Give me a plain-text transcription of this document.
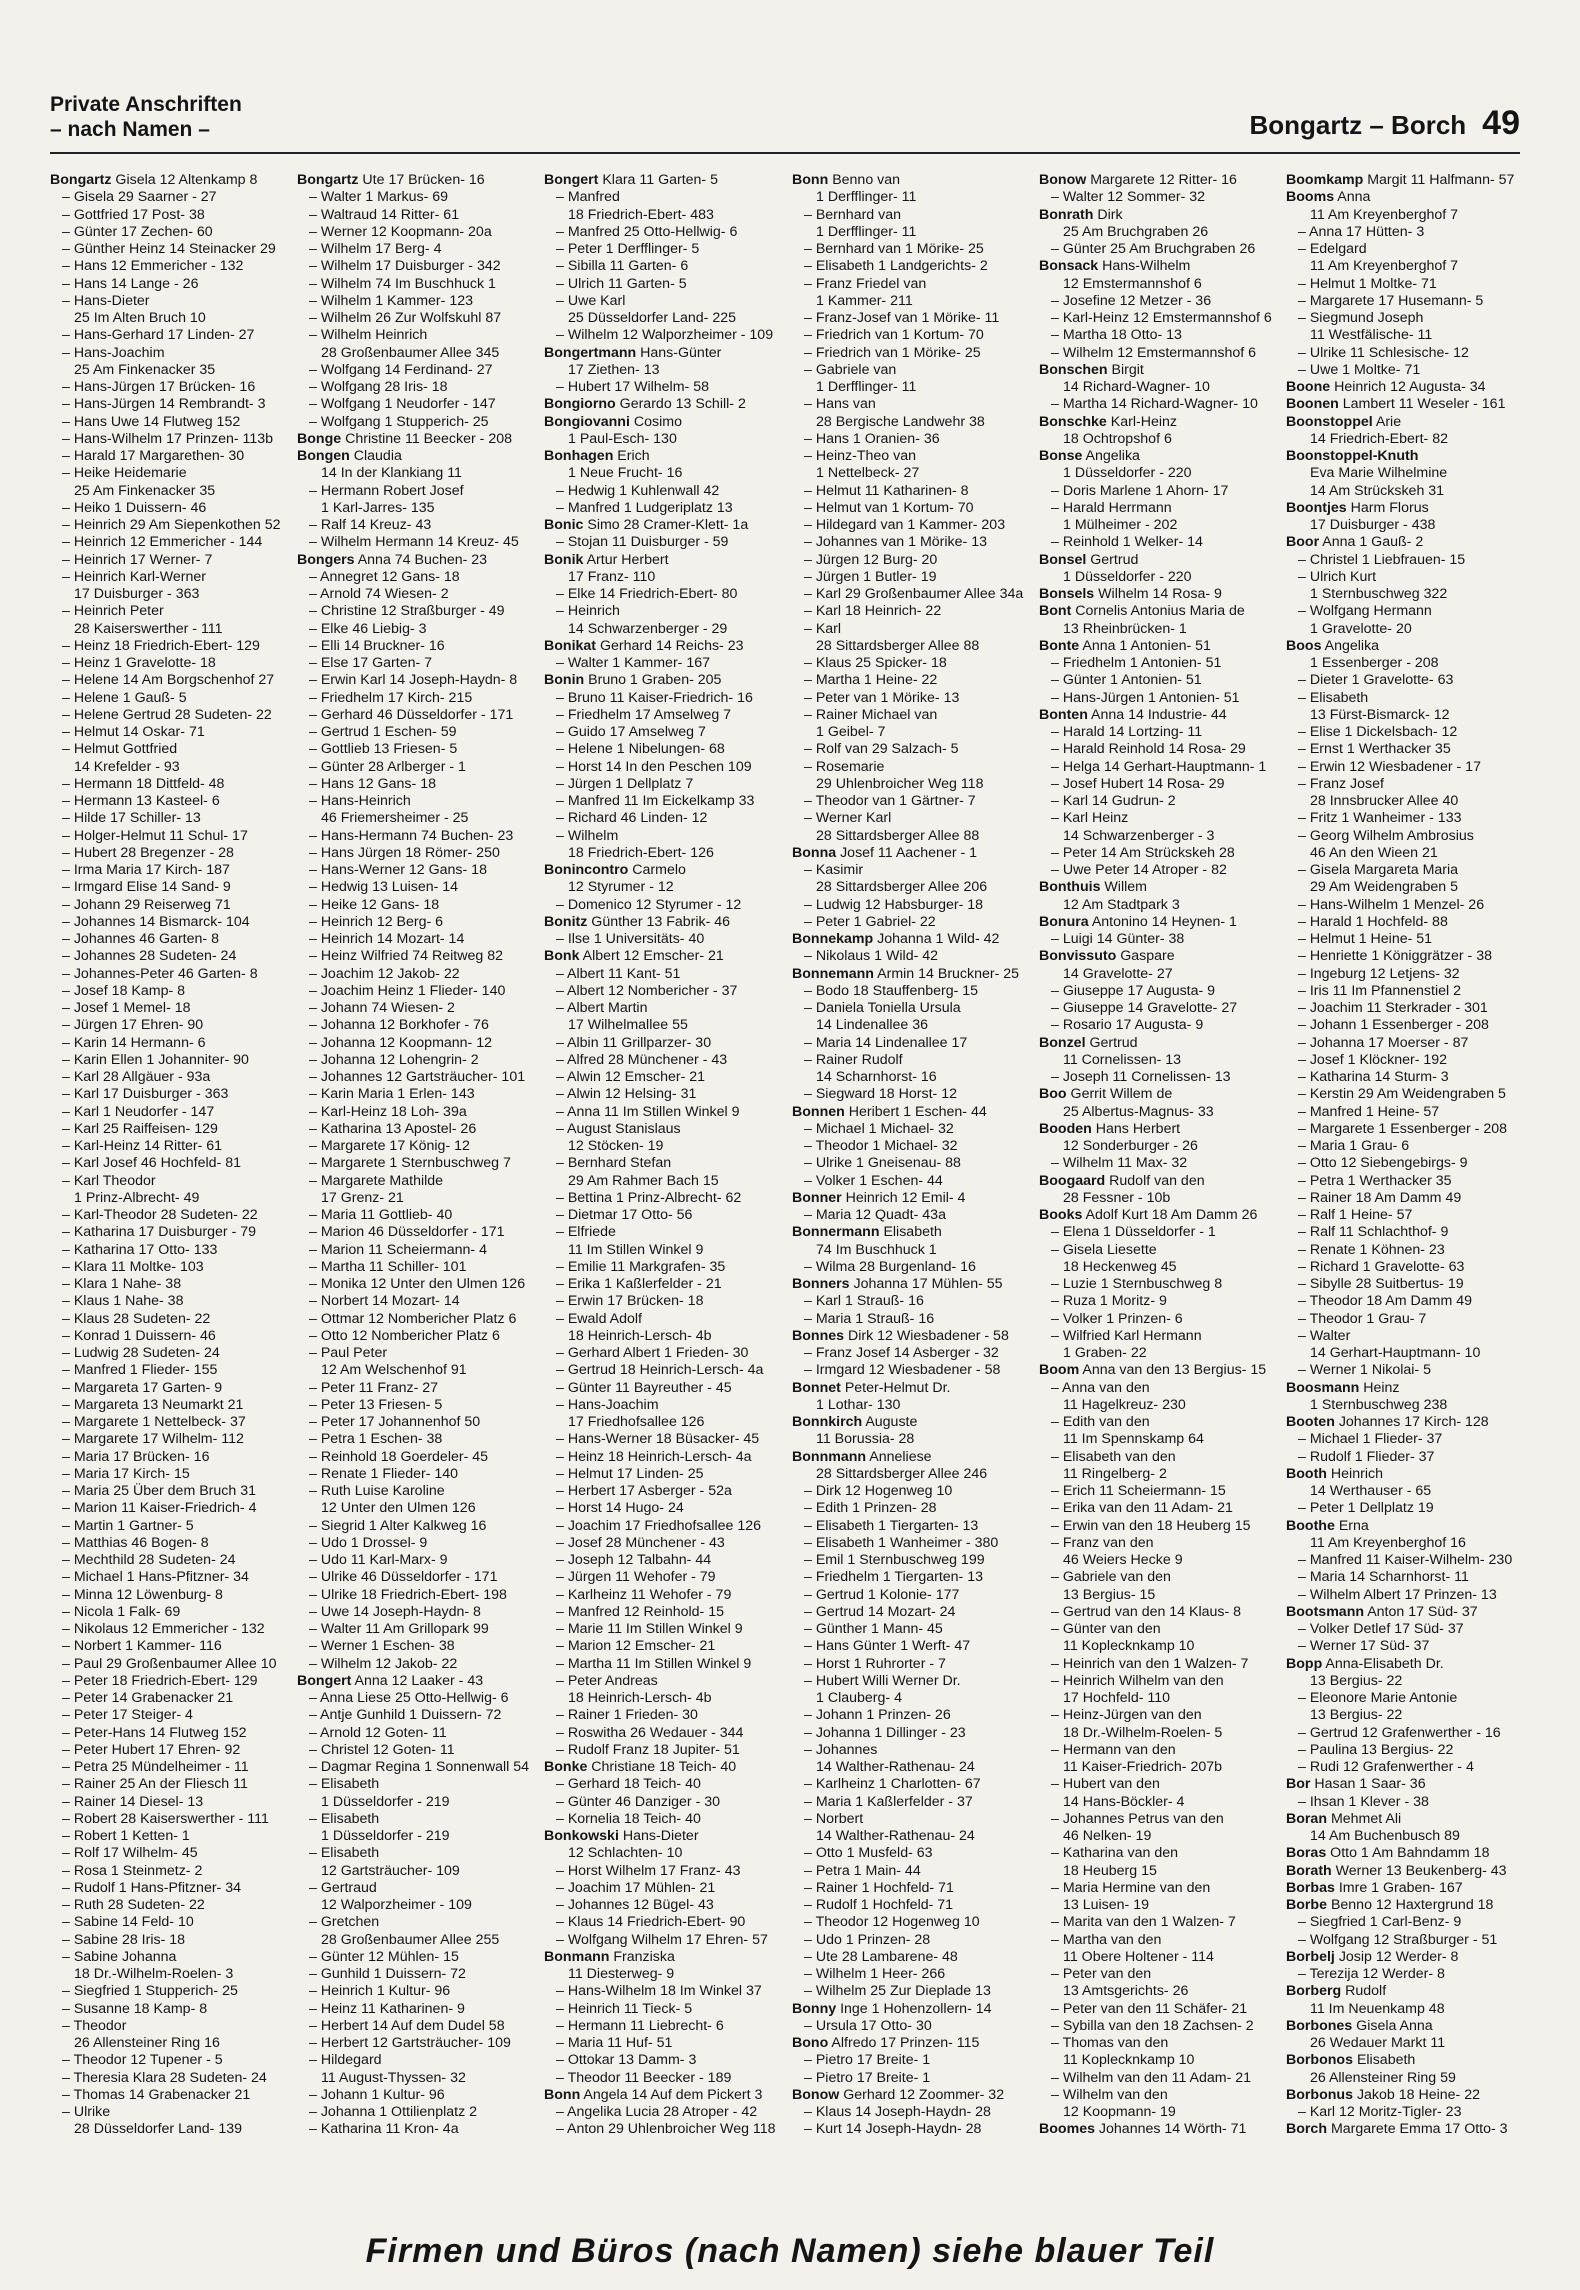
Private Anschriften
– nach Namen –	Bongartz – Borch 49
Bongartz Gisela 12 Altenkamp 8
– Gisela 29 Saarner - 27
– Gottfried 17 Post- 38
– Günter 17 Zechen- 60
– Günther Heinz 14 Steinacker 29
– Hans 12 Emmericher - 132
– Hans 14 Lange - 26
– Hans-Dieter
25 Im Alten Bruch 10
– Hans-Gerhard 17 Linden- 27
– Hans-Joachim
25 Am Finkenacker 35
– Hans-Jürgen 17 Brücken- 16
– Hans-Jürgen 14 Rembrandt- 3
– Hans Uwe 14 Flutweg 152
– Hans-Wilhelm 17 Prinzen- 113b
– Harald 17 Margarethen- 30
– Heike Heidemarie
25 Am Finkenacker 35
– Heiko 1 Duissern- 46
– Heinrich 29 Am Siepenkothen 52
– Heinrich 12 Emmericher - 144
– Heinrich 17 Werner- 7
– Heinrich Karl-Werner
17 Duisburger - 363
– Heinrich Peter
28 Kaiserswerther - 111
– Heinz 18 Friedrich-Ebert- 129
– Heinz 1 Gravelotte- 18
– Helene 14 Am Borgschenhof 27
– Helene 1 Gauß- 5
– Helene Gertrud 28 Sudeten- 22
– Helmut 14 Oskar- 71
– Helmut Gottfried
14 Krefelder - 93
– Hermann 18 Dittfeld- 48
– Hermann 13 Kasteel- 6
– Hilde 17 Schiller- 13
– Holger-Helmut 11 Schul- 17
– Hubert 28 Bregenzer - 28
– Irma Maria 17 Kirch- 187
– Irmgard Elise 14 Sand- 9
– Johann 29 Reiserweg 71
– Johannes 14 Bismarck- 104
– Johannes 46 Garten- 8
– Johannes 28 Sudeten- 24
– Johannes-Peter 46 Garten- 8
– Josef 18 Kamp- 8
– Josef 1 Memel- 18
– Jürgen 17 Ehren- 90
– Karin 14 Hermann- 6
– Karin Ellen 1 Johanniter- 90
– Karl 28 Allgäuer - 93a
– Karl 17 Duisburger - 363
– Karl 1 Neudorfer - 147
– Karl 25 Raiffeisen- 129
– Karl-Heinz 14 Ritter- 61
– Karl Josef 46 Hochfeld- 81
– Karl Theodor
1 Prinz-Albrecht- 49
– Karl-Theodor 28 Sudeten- 22
– Katharina 17 Duisburger - 79
– Katharina 17 Otto- 133
– Klara 11 Moltke- 103
– Klara 1 Nahe- 38
– Klaus 1 Nahe- 38
– Klaus 28 Sudeten- 22
– Konrad 1 Duissern- 46
– Ludwig 28 Sudeten- 24
– Manfred 1 Flieder- 155
– Margareta 17 Garten- 9
– Margareta 13 Neumarkt 21
– Margarete 1 Nettelbeck- 37
– Margarete 17 Wilhelm- 112
– Maria 17 Brücken- 16
– Maria 17 Kirch- 15
– Maria 25 Über dem Bruch 31
– Marion 11 Kaiser-Friedrich- 4
– Martin 1 Gartner- 5
– Matthias 46 Bogen- 8
– Mechthild 28 Sudeten- 24
– Michael 1 Hans-Pfitzner- 34
– Minna 12 Löwenburg- 8
– Nicola 1 Falk- 69
– Nikolaus 12 Emmericher - 132
– Norbert 1 Kammer- 116
– Paul 29 Großenbaumer Allee 10
– Peter 18 Friedrich-Ebert- 129
– Peter 14 Grabenacker 21
– Peter 17 Steiger- 4
– Peter-Hans 14 Flutweg 152
– Peter Hubert 17 Ehren- 92
– Petra 25 Mündelheimer - 11
– Rainer 25 An der Fliesch 11
– Rainer 14 Diesel- 13
– Robert 28 Kaiserswerther - 111
– Robert 1 Ketten- 1
– Rolf 17 Wilhelm- 45
– Rosa 1 Steinmetz- 2
– Rudolf 1 Hans-Pfitzner- 34
– Ruth 28 Sudeten- 22
– Sabine 14 Feld- 10
– Sabine 28 Iris- 18
– Sabine Johanna
18 Dr.-Wilhelm-Roelen- 3
– Siegfried 1 Stupperich- 25
– Susanne 18 Kamp- 8
– Theodor
26 Allensteiner Ring 16
– Theodor 12 Tupener - 5
– Theresia Klara 28 Sudeten- 24
– Thomas 14 Grabenacker 21
– Ulrike
28 Düsseldorfer Land- 139
Bongartz Ute 17 Brücken- 16
– Walter 1 Markus- 69
– Waltraud 14 Ritter- 61
– Werner 12 Koopmann- 20a
– Wilhelm 17 Berg- 4
– Wilhelm 17 Duisburger - 342
– Wilhelm 74 Im Buschhuck 1
– Wilhelm 1 Kammer- 123
– Wilhelm 26 Zur Wolfskuhl 87
– Wilhelm Heinrich
28 Großenbaumer Allee 345
– Wolfgang 14 Ferdinand- 27
– Wolfgang 28 Iris- 18
– Wolfgang 1 Neudorfer - 147
– Wolfgang 1 Stupperich- 25
Bonge Christine 11 Beecker - 208
Bongen Claudia
14 In der Klankiang 11
– Hermann Robert Josef
1 Karl-Jarres- 135
– Ralf 14 Kreuz- 43
– Wilhelm Hermann 14 Kreuz- 45
Bongers Anna 74 Buchen- 23
– Annegret 12 Gans- 18
– Arnold 74 Wiesen- 2
– Christine 12 Straßburger - 49
– Elke 46 Liebig- 3
– Elli 14 Bruckner- 16
– Else 17 Garten- 7
– Erwin Karl 14 Joseph-Haydn- 8
– Friedhelm 17 Kirch- 215
– Gerhard 46 Düsseldorfer - 171
– Gertrud 1 Eschen- 59
– Gottlieb 13 Friesen- 5
– Günter 28 Arlberger - 1
– Hans 12 Gans- 18
– Hans-Heinrich
46 Friemersheimer - 25
– Hans-Hermann 74 Buchen- 23
– Hans Jürgen 18 Römer- 250
– Hans-Werner 12 Gans- 18
– Hedwig 13 Luisen- 14
– Heike 12 Gans- 18
– Heinrich 12 Berg- 6
– Heinrich 14 Mozart- 14
– Heinz Wilfried 74 Reitweg 82
– Joachim 12 Jakob- 22
– Joachim Heinz 1 Flieder- 140
– Johann 74 Wiesen- 2
– Johanna 12 Borkhofer - 76
– Johanna 12 Koopmann- 12
– Johanna 12 Lohengrin- 2
– Johannes 12 Gartsträucher- 101
– Karin Maria 1 Erlen- 143
– Karl-Heinz 18 Loh- 39a
– Katharina 13 Apostel- 26
– Margarete 17 König- 12
– Margarete 1 Sternbuschweg 7
– Margarete Mathilde
17 Grenz- 21
– Maria 11 Gottlieb- 40
– Marion 46 Düsseldorfer - 171
– Marion 11 Scheiermann- 4
– Martha 11 Schiller- 101
– Monika 12 Unter den Ulmen 126
– Norbert 14 Mozart- 14
– Ottmar 12 Nombericher Platz 6
– Otto 12 Nombericher Platz 6
– Paul Peter
12 Am Welschenhof 91
– Peter 11 Franz- 27
– Peter 13 Friesen- 5
– Peter 17 Johannenhof 50
– Petra 1 Eschen- 38
– Reinhold 18 Goerdeler- 45
– Renate 1 Flieder- 140
– Ruth Luise Karoline
12 Unter den Ulmen 126
– Siegrid 1 Alter Kalkweg 16
– Udo 1 Drossel- 9
– Udo 11 Karl-Marx- 9
– Ulrike 46 Düsseldorfer - 171
– Ulrike 18 Friedrich-Ebert- 198
– Uwe 14 Joseph-Haydn- 8
– Walter 11 Am Grillopark 99
– Werner 1 Eschen- 38
– Wilhelm 12 Jakob- 22
Bongert Anna 12 Laaker - 43
– Anna Liese 25 Otto-Hellwig- 6
– Antje Gunhild 1 Duissern- 72
– Arnold 12 Goten- 11
– Christel 12 Goten- 11
– Dagmar Regina 1 Sonnenwall 54
– Elisabeth
1 Düsseldorfer - 219
– Elisabeth
1 Düsseldorfer - 219
– Elisabeth
12 Gartsträucher- 109
– Gertraud
12 Walporzheimer - 109
– Gretchen
28 Großenbaumer Allee 255
– Günter 12 Mühlen- 15
– Gunhild 1 Duissern- 72
– Heinrich 1 Kultur- 96
– Heinz 11 Katharinen- 9
– Herbert 14 Auf dem Dudel 58
– Herbert 12 Gartsträucher- 109
– Hildegard
11 August-Thyssen- 32
– Johann 1 Kultur- 96
– Johanna 1 Ottilienplatz 2
– Katharina 11 Kron- 4a
Bongert Klara 11 Garten- 5
– Manfred
18 Friedrich-Ebert- 483
– Manfred 25 Otto-Hellwig- 6
– Peter 1 Derfflinger- 5
– Sibilla 11 Garten- 6
– Ulrich 11 Garten- 5
– Uwe Karl
25 Düsseldorfer Land- 225
– Wilhelm 12 Walporzheimer - 109
Bongertmann Hans-Günter
17 Ziethen- 13
– Hubert 17 Wilhelm- 58
Bongiorno Gerardo 13 Schill- 2
Bongiovanni Cosimo
1 Paul-Esch- 130
Bonhagen Erich
1 Neue Frucht- 16
– Hedwig 1 Kuhlenwall 42
– Manfred 1 Ludgeriplatz 13
Bonic Simo 28 Cramer-Klett- 1a
– Stojan 11 Duisburger - 59
Bonik Artur Herbert
17 Franz- 110
– Elke 14 Friedrich-Ebert- 80
– Heinrich
14 Schwarzenberger - 29
Bonikat Gerhard 14 Reichs- 23
– Walter 1 Kammer- 167
Bonin Bruno 1 Graben- 205
– Bruno 11 Kaiser-Friedrich- 16
– Friedhelm 17 Amselweg 7
– Guido 17 Amselweg 7
– Helene 1 Nibelungen- 68
– Horst 14 In den Peschen 109
– Jürgen 1 Dellplatz 7
– Manfred 11 Im Eickelkamp 33
– Richard 46 Linden- 12
– Wilhelm
18 Friedrich-Ebert- 126
Bonincontro Carmelo
12 Styrumer - 12
– Domenico 12 Styrumer - 12
Bonitz Günther 13 Fabrik- 46
– Ilse 1 Universitäts- 40
Bonk Albert 12 Emscher- 21
– Albert 11 Kant- 51
– Albert 12 Nombericher - 37
– Albert Martin
17 Wilhelmallee 55
– Albin 11 Grillparzer- 30
– Alfred 28 Münchener - 43
– Alwin 12 Emscher- 21
– Alwin 12 Helsing- 31
– Anna 11 Im Stillen Winkel 9
– August Stanislaus
12 Stöcken- 19
– Bernhard Stefan
29 Am Rahmer Bach 15
– Bettina 1 Prinz-Albrecht- 62
– Dietmar 17 Otto- 56
– Elfriede
11 Im Stillen Winkel 9
– Emilie 11 Markgrafen- 35
– Erika 1 Kaßlerfelder - 21
– Erwin 17 Brücken- 18
– Ewald Adolf
18 Heinrich-Lersch- 4b
– Gerhard Albert 1 Frieden- 30
– Gertrud 18 Heinrich-Lersch- 4a
– Günter 11 Bayreuther - 45
– Hans-Joachim
17 Friedhofsallee 126
– Hans-Werner 18 Büsacker- 45
– Heinz 18 Heinrich-Lersch- 4a
– Helmut 17 Linden- 25
– Herbert 17 Asberger - 52a
– Horst 14 Hugo- 24
– Joachim 17 Friedhofsallee 126
– Josef 28 Münchener - 43
– Joseph 12 Talbahn- 44
– Jürgen 11 Wehofer - 79
– Karlheinz 11 Wehofer - 79
– Manfred 12 Reinhold- 15
– Marie 11 Im Stillen Winkel 9
– Marion 12 Emscher- 21
– Martha 11 Im Stillen Winkel 9
– Peter Andreas
18 Heinrich-Lersch- 4b
– Rainer 1 Frieden- 30
– Roswitha 26 Wedauer - 344
– Rudolf Franz 18 Jupiter- 51
Bonke Christiane 18 Teich- 40
– Gerhard 18 Teich- 40
– Günter 46 Danziger - 30
– Kornelia 18 Teich- 40
Bonkowski Hans-Dieter
12 Schlachten- 10
– Horst Wilhelm 17 Franz- 43
– Joachim 17 Mühlen- 21
– Johannes 12 Bügel- 43
– Klaus 14 Friedrich-Ebert- 90
– Wolfgang Wilhelm 17 Ehren- 57
Bonmann Franziska
11 Diesterweg- 9
– Hans-Wilhelm 18 Im Winkel 37
– Heinrich 11 Tieck- 5
– Hermann 11 Liebrecht- 6
– Maria 11 Huf- 51
– Ottokar 13 Damm- 3
– Theodor 11 Beecker - 189
Bonn Angela 14 Auf dem Pickert 3
– Angelika Lucia 28 Atroper - 42
– Anton 29 Uhlenbroicher Weg 118
Bonn Benno van
1 Derfflinger- 11
– Bernhard van
1 Derfflinger- 11
– Bernhard van 1 Mörike- 25
– Elisabeth 1 Landgerichts- 2
– Franz Friedel van
1 Kammer- 211
– Franz-Josef van 1 Mörike- 11
– Friedrich van 1 Kortum- 70
– Friedrich van 1 Mörike- 25
– Gabriele van
1 Derfflinger- 11
– Hans van
28 Bergische Landwehr 38
– Hans 1 Oranien- 36
– Heinz-Theo van
1 Nettelbeck- 27
– Helmut 11 Katharinen- 8
– Helmut van 1 Kortum- 70
– Hildegard van 1 Kammer- 203
– Johannes van 1 Mörike- 13
– Jürgen 12 Burg- 20
– Jürgen 1 Butler- 19
– Karl 29 Großenbaumer Allee 34a
– Karl 18 Heinrich- 22
– Karl
28 Sittardsberger Allee 88
– Klaus 25 Spicker- 18
– Martha 1 Heine- 22
– Peter van 1 Mörike- 13
– Rainer Michael van
1 Geibel- 7
– Rolf van 29 Salzach- 5
– Rosemarie
29 Uhlenbroicher Weg 118
– Theodor van 1 Gärtner- 7
– Werner Karl
28 Sittardsberger Allee 88
Bonna Josef 11 Aachener - 1
– Kasimir
28 Sittardsberger Allee 206
– Ludwig 12 Habsburger- 18
– Peter 1 Gabriel- 22
Bonnekamp Johanna 1 Wild- 42
– Nikolaus 1 Wild- 42
Bonnemann Armin 14 Bruckner- 25
– Bodo 18 Stauffenberg- 15
– Daniela Toniella Ursula
14 Lindenallee 36
– Maria 14 Lindenallee 17
– Rainer Rudolf
14 Scharnhorst- 16
– Siegward 18 Horst- 12
Bonnen Heribert 1 Eschen- 44
– Michael 1 Michael- 32
– Theodor 1 Michael- 32
– Ulrike 1 Gneisenau- 88
– Volker 1 Eschen- 44
Bonner Heinrich 12 Emil- 4
– Maria 12 Quadt- 43a
Bonnermann Elisabeth
74 Im Buschhuck 1
– Wilma 28 Burgenland- 16
Bonners Johanna 17 Mühlen- 55
– Karl 1 Strauß- 16
– Maria 1 Strauß- 16
Bonnes Dirk 12 Wiesbadener - 58
– Franz Josef 14 Asberger - 32
– Irmgard 12 Wiesbadener - 58
Bonnet Peter-Helmut Dr.
1 Lothar- 130
Bonnkirch Auguste
11 Borussia- 28
Bonnmann Anneliese
28 Sittardsberger Allee 246
– Dirk 12 Hogenweg 10
– Edith 1 Prinzen- 28
– Elisabeth 1 Tiergarten- 13
– Elisabeth 1 Wanheimer - 380
– Emil 1 Sternbuschweg 199
– Friedhelm 1 Tiergarten- 13
– Gertrud 1 Kolonie- 177
– Gertrud 14 Mozart- 24
– Günther 1 Mann- 45
– Hans Günter 1 Werft- 47
– Horst 1 Ruhrorter - 7
– Hubert Willi Werner Dr.
1 Clauberg- 4
– Johann 1 Prinzen- 26
– Johanna 1 Dillinger - 23
– Johannes
14 Walther-Rathenau- 24
– Karlheinz 1 Charlotten- 67
– Maria 1 Kaßlerfelder - 37
– Norbert
14 Walther-Rathenau- 24
– Otto 1 Musfeld- 63
– Petra 1 Main- 44
– Rainer 1 Hochfeld- 71
– Rudolf 1 Hochfeld- 71
– Theodor 12 Hogenweg 10
– Udo 1 Prinzen- 28
– Ute 28 Lambarene- 48
– Wilhelm 1 Heer- 266
– Wilhelm 25 Zur Dieplade 13
Bonny Inge 1 Hohenzollern- 14
– Ursula 17 Otto- 30
Bono Alfredo 17 Prinzen- 115
– Pietro 17 Breite- 1
– Pietro 17 Breite- 1
Bonow Gerhard 12 Zoommer- 32
– Klaus 14 Joseph-Haydn- 28
– Kurt 14 Joseph-Haydn- 28
Bonow Margarete 12 Ritter- 16
– Walter 12 Sommer- 32
Bonrath Dirk
25 Am Bruchgraben 26
– Günter 25 Am Bruchgraben 26
Bonsack Hans-Wilhelm
12 Emstermannshof 6
– Josefine 12 Metzer - 36
– Karl-Heinz 12 Emstermannshof 6
– Martha 18 Otto- 13
– Wilhelm 12 Emstermannshof 6
Bonschen Birgit
14 Richard-Wagner- 10
– Martha 14 Richard-Wagner- 10
Bonschke Karl-Heinz
18 Ochtropshof 6
Bonse Angelika
1 Düsseldorfer - 220
– Doris Marlene 1 Ahorn- 17
– Harald Herrmann
1 Mülheimer - 202
– Reinhold 1 Welker- 14
Bonsel Gertrud
1 Düsseldorfer - 220
Bonsels Wilhelm 14 Rosa- 9
Bont Cornelis Antonius Maria de
13 Rheinbrücken- 1
Bonte Anna 1 Antonien- 51
– Friedhelm 1 Antonien- 51
– Günter 1 Antonien- 51
– Hans-Jürgen 1 Antonien- 51
Bonten Anna 14 Industrie- 44
– Harald 14 Lortzing- 11
– Harald Reinhold 14 Rosa- 29
– Helga 14 Gerhart-Hauptmann- 1
– Josef Hubert 14 Rosa- 29
– Karl 14 Gudrun- 2
– Karl Heinz
14 Schwarzenberger - 3
– Peter 14 Am Strückskeh 28
– Uwe Peter 14 Atroper - 82
Bonthuis Willem
12 Am Stadtpark 3
Bonura Antonino 14 Heynen- 1
– Luigi 14 Günter- 38
Bonvissuto Gaspare
14 Gravelotte- 27
– Giuseppe 17 Augusta- 9
– Giuseppe 14 Gravelotte- 27
– Rosario 17 Augusta- 9
Bonzel Gertrud
11 Cornelissen- 13
– Joseph 11 Cornelissen- 13
Boo Gerrit Willem de
25 Albertus-Magnus- 33
Booden Hans Herbert
12 Sonderburger - 26
– Wilhelm 11 Max- 32
Boogaard Rudolf van den
28 Fessner - 10b
Books Adolf Kurt 18 Am Damm 26
– Elena 1 Düsseldorfer - 1
– Gisela Liesette
18 Heckenweg 45
– Luzie 1 Sternbuschweg 8
– Ruza 1 Moritz- 9
– Volker 1 Prinzen- 6
– Wilfried Karl Hermann
1 Graben- 22
Boom Anna van den 13 Bergius- 15
– Anna van den
11 Hagelkreuz- 230
– Edith van den
11 Im Spennskamp 64
– Elisabeth van den
11 Ringelberg- 2
– Erich 11 Scheiermann- 15
– Erika van den 11 Adam- 21
– Erwin van den 18 Heuberg 15
– Franz van den
46 Weiers Hecke 9
– Gabriele van den
13 Bergius- 15
– Gertrud van den 14 Klaus- 8
– Günter van den
11 Koplecknkamp 10
– Heinrich van den 1 Walzen- 7
– Heinrich Wilhelm van den
17 Hochfeld- 110
– Heinz-Jürgen van den
18 Dr.-Wilhelm-Roelen- 5
– Hermann van den
11 Kaiser-Friedrich- 207b
– Hubert van den
14 Hans-Böckler- 4
– Johannes Petrus van den
46 Nelken- 19
– Katharina van den
18 Heuberg 15
– Maria Hermine van den
13 Luisen- 19
– Marita van den 1 Walzen- 7
– Martha van den
11 Obere Holtener - 114
– Peter van den
13 Amtsgerichts- 26
– Peter van den 11 Schäfer- 21
– Sybilla van den 18 Zachsen- 2
– Thomas van den
11 Koplecknkamp 10
– Wilhelm van den 11 Adam- 21
– Wilhelm van den
12 Koopmann- 19
Boomes Johannes 14 Wörth- 71
Boomkamp Margit 11 Halfmann- 57
Booms Anna
11 Am Kreyenberghof 7
– Anna 17 Hütten- 3
– Edelgard
11 Am Kreyenberghof 7
– Helmut 1 Moltke- 71
– Margarete 17 Husemann- 5
– Siegmund Joseph
11 Westfälische- 11
– Ulrike 11 Schlesische- 12
– Uwe 1 Moltke- 71
Boone Heinrich 12 Augusta- 34
Boonen Lambert 11 Weseler - 161
Boonstoppel Arie
14 Friedrich-Ebert- 82
Boonstoppel-Knuth
Eva Marie Wilhelmine
14 Am Strückskeh 31
Boontjes Harm Florus
17 Duisburger - 438
Boor Anna 1 Gauß- 2
– Christel 1 Liebfrauen- 15
– Ulrich Kurt
1 Sternbuschweg 322
– Wolfgang Hermann
1 Gravelotte- 20
Boos Angelika
1 Essenberger - 208
– Dieter 1 Gravelotte- 63
– Elisabeth
13 Fürst-Bismarck- 12
– Elise 1 Dickelsbach- 12
– Ernst 1 Werthacker 35
– Erwin 12 Wiesbadener - 17
– Franz Josef
28 Innsbrucker Allee 40
– Fritz 1 Wanheimer - 133
– Georg Wilhelm Ambrosius
46 An den Wieen 21
– Gisela Margareta Maria
29 Am Weidengraben 5
– Hans-Wilhelm 1 Menzel- 26
– Harald 1 Hochfeld- 88
– Helmut 1 Heine- 51
– Henriette 1 Königgrätzer - 38
– Ingeburg 12 Letjens- 32
– Iris 11 Im Pfannenstiel 2
– Joachim 11 Sterkrader - 301
– Johann 1 Essenberger - 208
– Johanna 17 Moerser - 87
– Josef 1 Klöckner- 192
– Katharina 14 Sturm- 3
– Kerstin 29 Am Weidengraben 5
– Manfred 1 Heine- 57
– Margarete 1 Essenberger - 208
– Maria 1 Grau- 6
– Otto 12 Siebengebirgs- 9
– Petra 1 Werthacker 35
– Rainer 18 Am Damm 49
– Ralf 1 Heine- 57
– Ralf 11 Schlachthof- 9
– Renate 1 Köhnen- 23
– Richard 1 Gravelotte- 63
– Sibylle 28 Suitbertus- 19
– Theodor 18 Am Damm 49
– Theodor 1 Grau- 7
– Walter
14 Gerhart-Hauptmann- 10
– Werner 1 Nikolai- 5
Boosmann Heinz
1 Sternbuschweg 238
Booten Johannes 17 Kirch- 128
– Michael 1 Flieder- 37
– Rudolf 1 Flieder- 37
Booth Heinrich
14 Werthauser - 65
– Peter 1 Dellplatz 19
Boothe Erna
11 Am Kreyenberghof 16
– Manfred 11 Kaiser-Wilhelm- 230
– Maria 14 Scharnhorst- 11
– Wilhelm Albert 17 Prinzen- 13
Bootsmann Anton 17 Süd- 37
– Volker Detlef 17 Süd- 37
– Werner 17 Süd- 37
Bopp Anna-Elisabeth Dr.
13 Bergius- 22
– Eleonore Marie Antonie
13 Bergius- 22
– Gertrud 12 Grafenwerther - 16
– Paulina 13 Bergius- 22
– Rudi 12 Grafenwerther - 4
Bor Hasan 1 Saar- 36
– Ihsan 1 Klever - 38
Boran Mehmet Ali
14 Am Buchenbusch 89
Boras Otto 1 Am Bahndamm 18
Borath Werner 13 Beukenberg- 43
Borbas Imre 1 Graben- 167
Borbe Benno 12 Haxtergrund 18
– Siegfried 1 Carl-Benz- 9
– Wolfgang 12 Straßburger - 51
Borbelj Josip 12 Werder- 8
– Terezija 12 Werder- 8
Borberg Rudolf
11 Im Neuenkamp 48
Borbones Gisela Anna
26 Wedauer Markt 11
Borbonos Elisabeth
26 Allensteiner Ring 59
Borbonus Jakob 18 Heine- 22
– Karl 12 Moritz-Tigler- 23
Borch Margarete Emma 17 Otto- 3
Firmen und Büros (nach Namen) siehe blauer Teil
